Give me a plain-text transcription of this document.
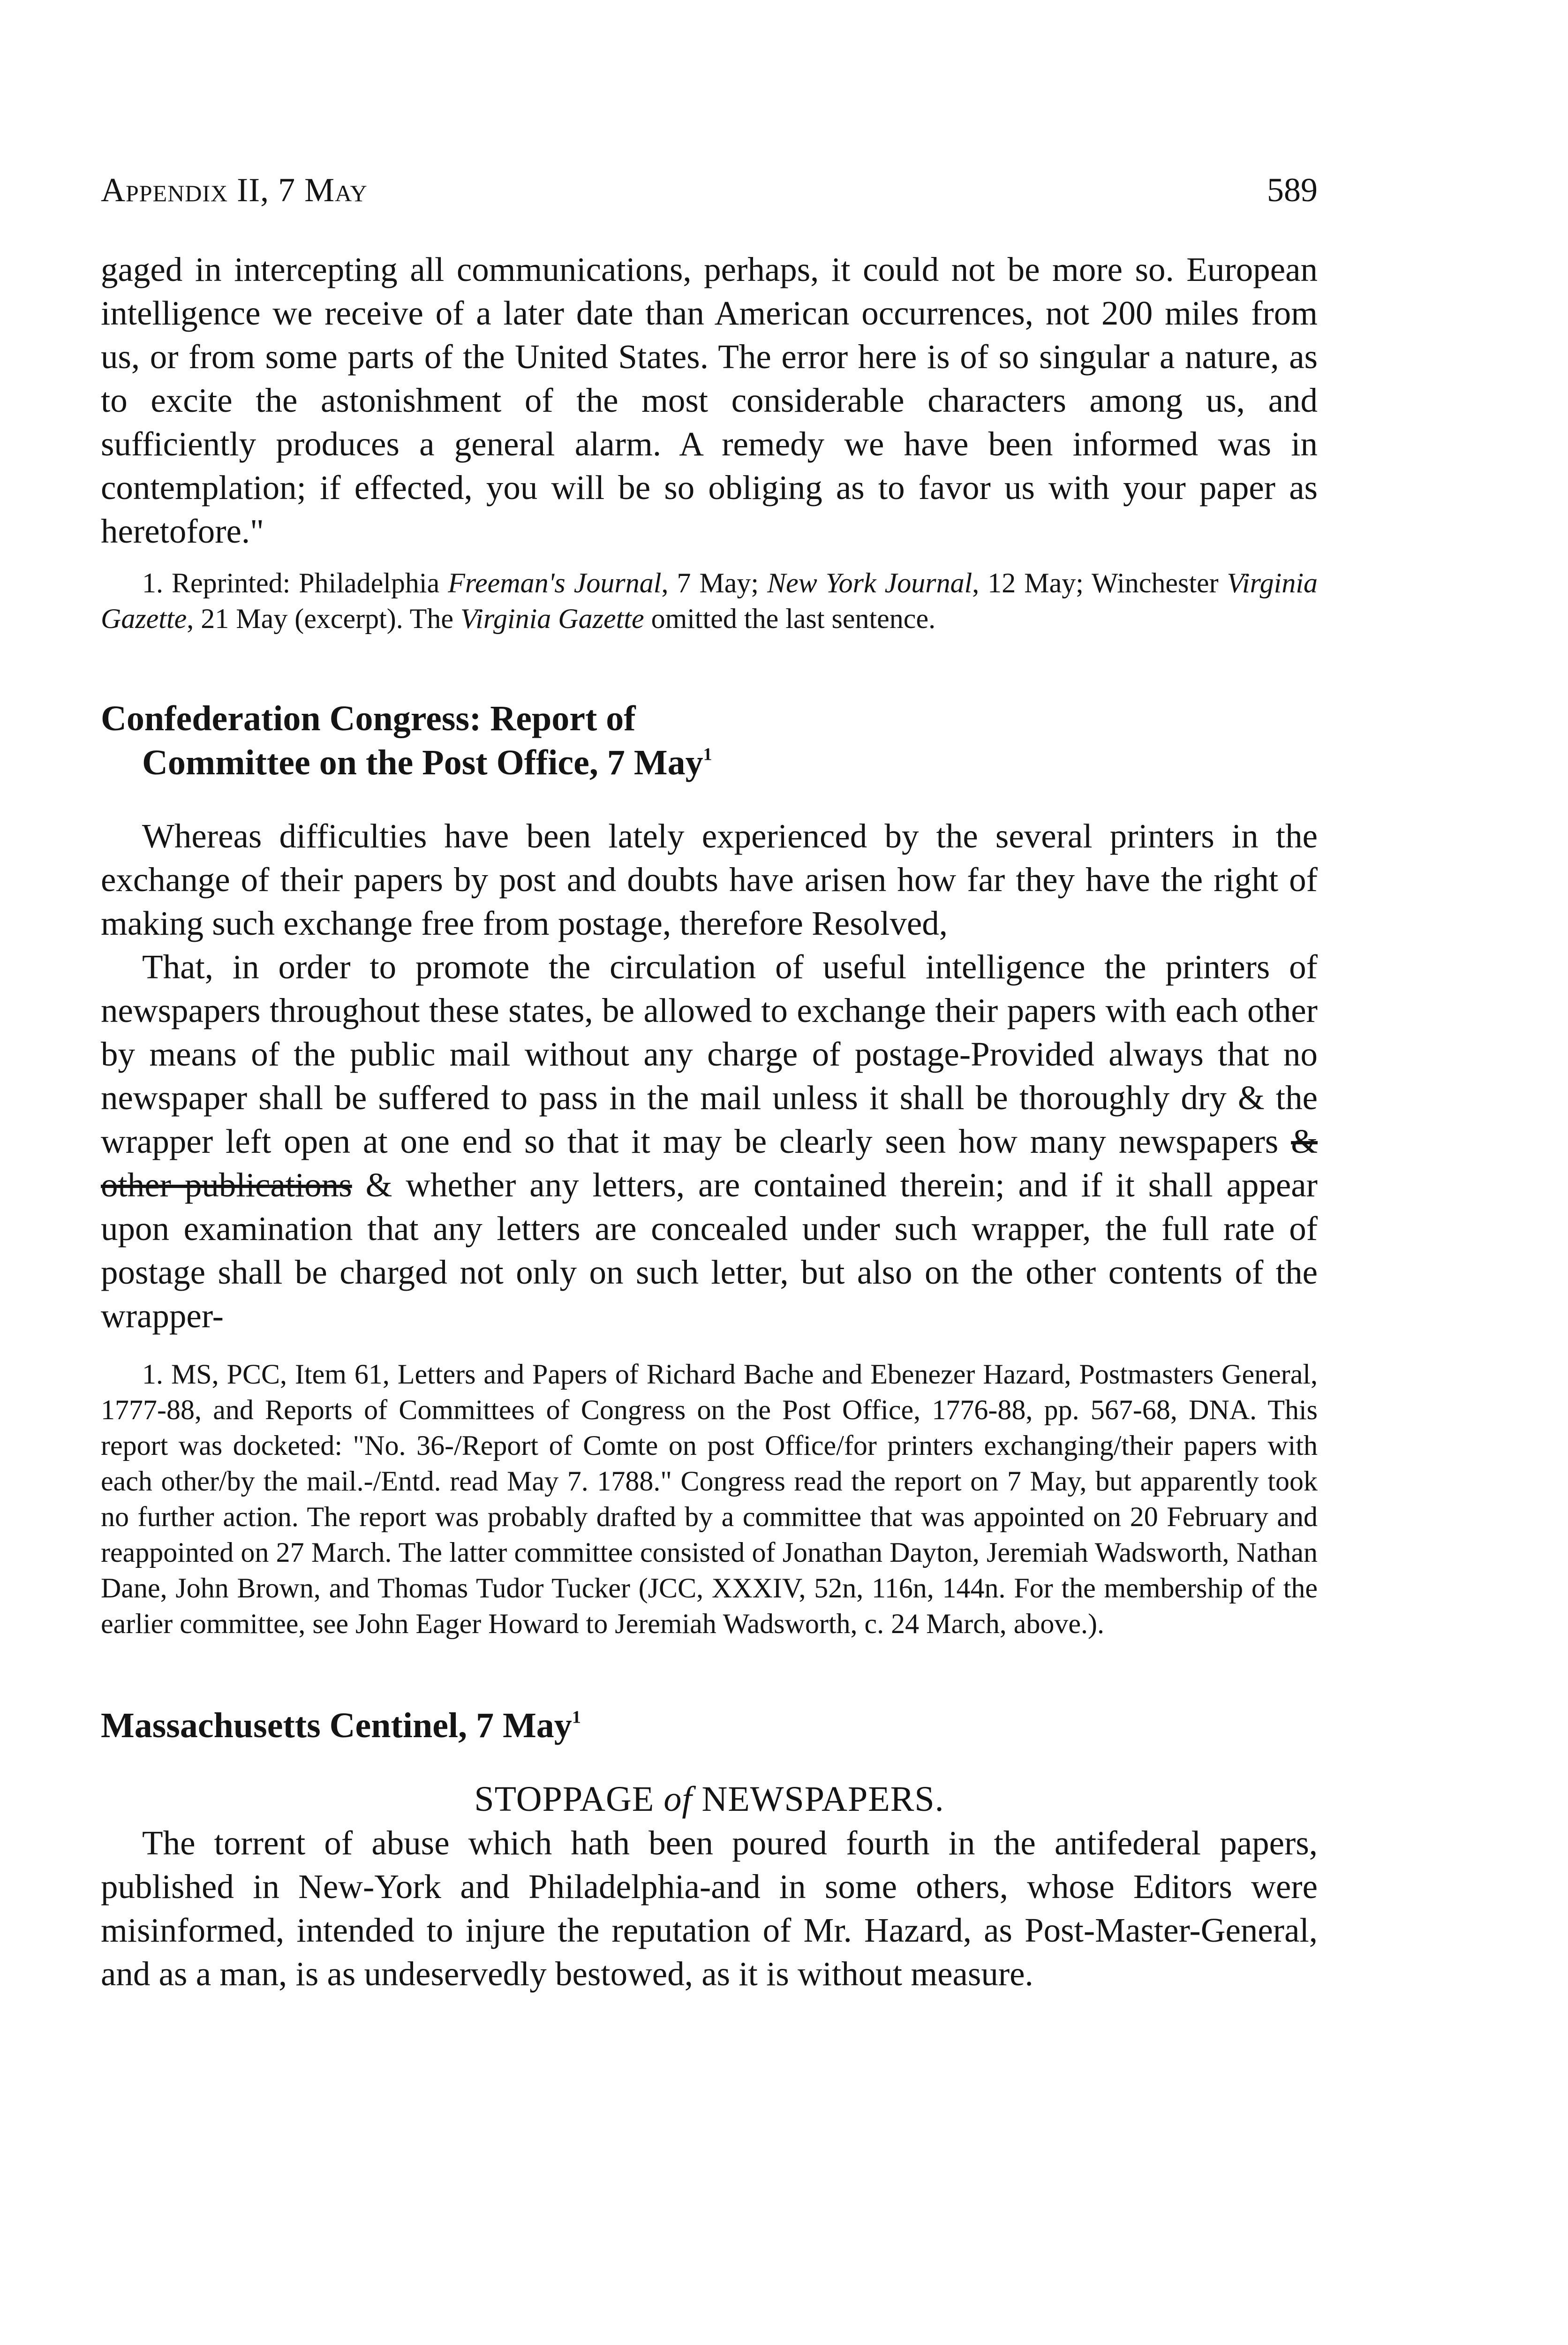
Appendix II, 7 May	589

gaged in intercepting all communications, perhaps, it could not be more so. European intelligence we receive of a later date than American occurrences, not 200 miles from us, or from some parts of the United States. The error here is of so singular a nature, as to excite the astonishment of the most considerable characters among us, and sufficiently produces a general alarm. A remedy we have been informed was in contemplation; if effected, you will be so obliging as to favor us with your paper as heretofore."

1. Reprinted: Philadelphia Freeman's Journal, 7 May; New York Journal, 12 May; Winchester Virginia Gazette, 21 May (excerpt). The Virginia Gazette omitted the last sentence.

Confederation Congress: Report of
Committee on the Post Office, 7 May$^1$

Whereas difficulties have been lately experienced by the several printers in the exchange of their papers by post and doubts have arisen how far they have the right of making such exchange free from postage, therefore Resolved,

That, in order to promote the circulation of useful intelligence the printers of newspapers throughout these states, be allowed to exchange their papers with each other by means of the public mail without any charge of postage-Provided always that no newspaper shall be suffered to pass in the mail unless it shall be thoroughly dry & the wrapper left open at one end so that it may be clearly seen how many newspapers & other publications & whether any letters, are contained therein; and if it shall appear upon examination that any letters are concealed under such wrapper, the full rate of postage shall be charged not only on such letter, but also on the other contents of the wrapper-

1. MS, PCC, Item 61, Letters and Papers of Richard Bache and Ebenezer Hazard, Postmasters General, 1777-88, and Reports of Committees of Congress on the Post Office, 1776-88, pp. 567-68, DNA. This report was docketed: "No. 36-/Report of Comte on post Office/for printers exchanging/their papers with each other/by the mail.-/Entd. read May 7. 1788." Congress read the report on 7 May, but apparently took no further action. The report was probably drafted by a committee that was appointed on 20 February and reappointed on 27 March. The latter committee consisted of Jonathan Dayton, Jeremiah Wadsworth, Nathan Dane, John Brown, and Thomas Tudor Tucker (JCC, XXXIV, 52n, 116n, 144n. For the membership of the earlier committee, see John Eager Howard to Jeremiah Wadsworth, c. 24 March, above.).

Massachusetts Centinel, 7 May$^1$

STOPPAGE of NEWSPAPERS.

The torrent of abuse which hath been poured fourth in the antifederal papers, published in New-York and Philadelphia-and in some others, whose Editors were misinformed, intended to injure the reputation of Mr. Hazard, as Post-Master-General, and as a man, is as undeservedly bestowed, as it is without measure.
